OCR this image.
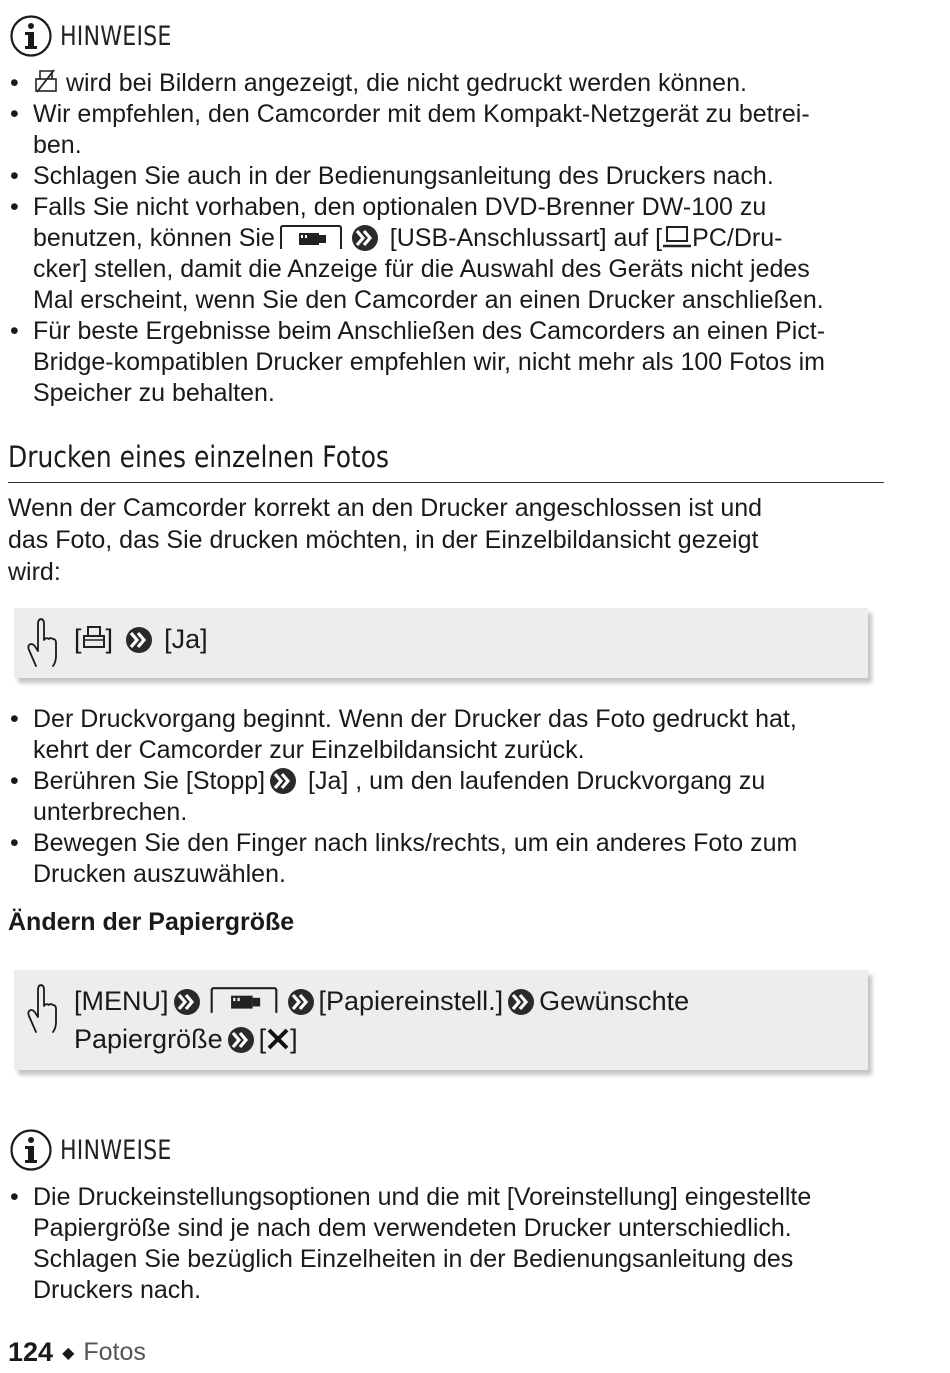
HINWEISE
• wird bei Bildern angezeigt, die nicht gedruckt werden können.
• Wir empfehlen, den Camcorder mit dem Kompakt-Netzgerät zu betrei-
ben.
• Schlagen Sie auch in der Bedienungsanleitung des Druckers nach.
• Falls Sie nicht vorhaben, den optionalen DVD-Brenner DW-100 zu
benutzen, können Sie	[USB-Anschlussart] auf [ PC/Dru-
cker] stellen, damit die Anzeige für die Auswahl des Geräts nicht jedes
Mal erscheint, wenn Sie den Camcorder an einen Drucker anschließen.
• Für beste Ergebnisse beim Anschließen des Camcorders an einen Pict-
Bridge-kompatiblen Drucker empfehlen wir, nicht mehr als 100 Fotos im
Speicher zu behalten.
Drucken eines einzelnen Fotos

Wenn der Camcorder korrekt an den Drucker angeschlossen ist und
das Foto, das Sie drucken möchten, in der Einzelbildansicht gezeigt
wird:

[ ] [Ja]
• Der Druckvorgang beginnt. Wenn der Drucker das Foto gedruckt hat,
kehrt der Camcorder zur Einzelbildansicht zurück.
• Berühren Sie [Stopp] [Ja] , um den laufenden Druckvorgang zu
unterbrechen.
• Bewegen Sie den Finger nach links/rechts, um ein anderes Foto zum
Drucken auszuwählen.
Ändern der Papiergröße
[MENU]	[Papiereinstell.] Gewünschte
Papiergröße [ ]
HINWEISE
• Die Druckeinstellungsoptionen und die mit [Voreinstellung] eingestellte
Papiergröße sind je nach dem verwendeten Drucker unterschiedlich.
Schlagen Sie bezüglich Einzelheiten in der Bedienungsanleitung des
Druckers nach.
124 ◆ Fotos
